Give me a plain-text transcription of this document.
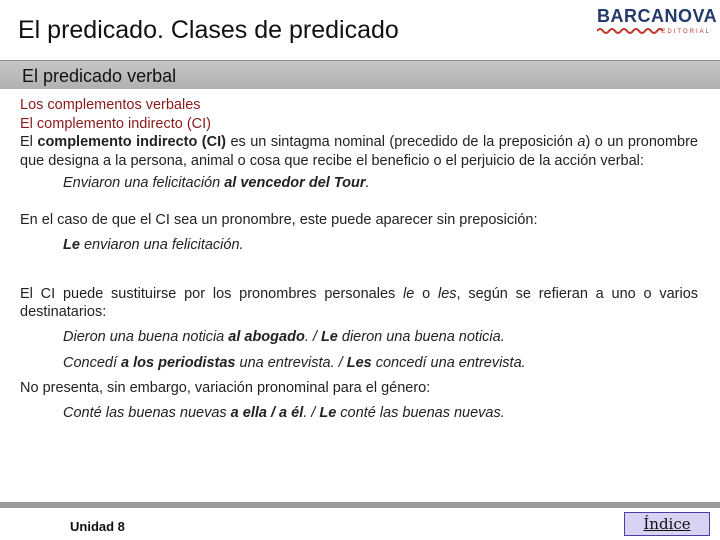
El predicado. Clases de predicado	BARCANOVA
EDITORIAL
El predicado verbal
Los complementos verbales
El complemento indirecto (CI)
El complemento indirecto (CI) es un sintagma nominal (precedido de la preposición a) o un pronombre que designa a la persona, animal o cosa que recibe el beneficio o el perjuicio de la acción verbal:
Enviaron una felicitación al vencedor del Tour.
En el caso de que el CI sea un pronombre, este puede aparecer sin preposición:
Le enviaron una felicitación.
El CI puede sustituirse por los pronombres personales le o les, según se refieran a uno o varios destinatarios:
Dieron una buena noticia al abogado. / Le dieron una buena noticia.
Concedí a los periodistas una entrevista. / Les concedí una entrevista.
No presenta, sin embargo, variación pronominal para el género:
Conté las buenas nuevas a ella / a él. / Le conté las buenas nuevas.
Unidad 8	Índice
